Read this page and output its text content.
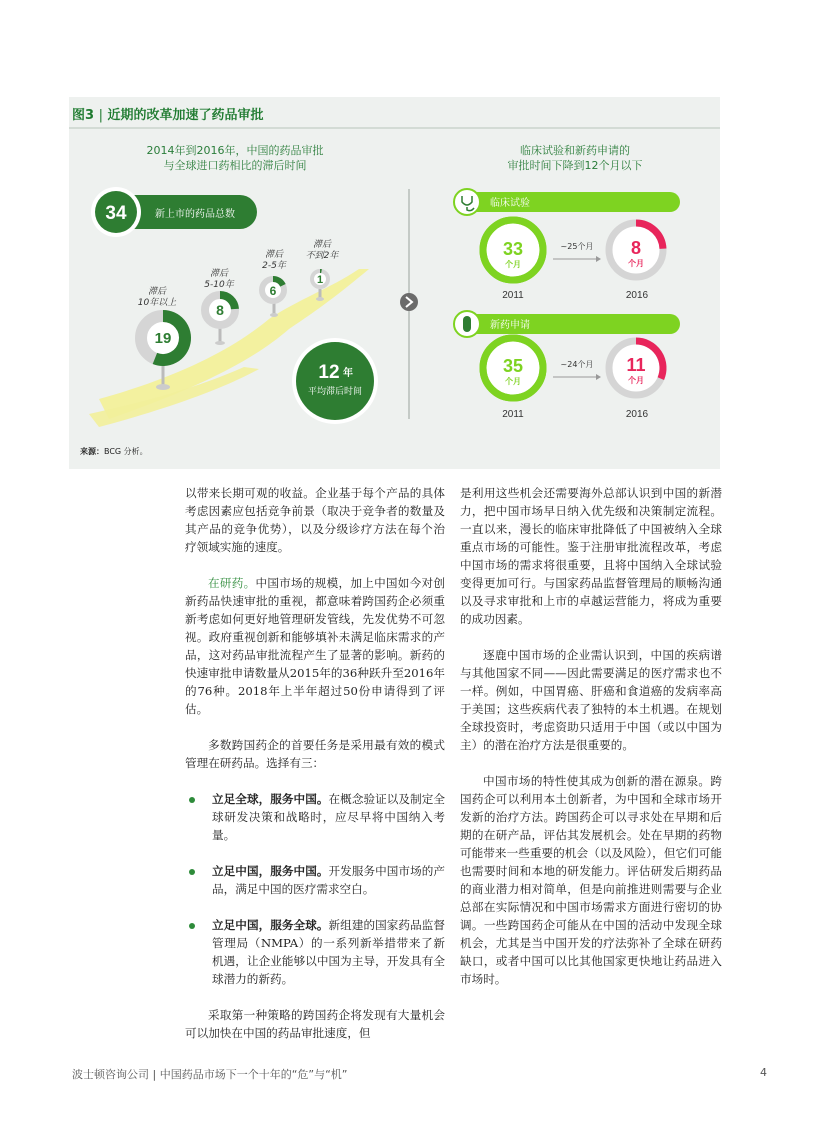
图3 | 近期的改革加速了药品审批
2014年到2016年，中国的药品审批
与全球进口药相比的滞后时间
临床试验和新药申请的
审批时间下降到12个月以下
34	新上市的药品总数
19
8
6
1
滞后
10年以上
滞后
5-10年
滞后
2-5年
滞后
不到2年
12 年
平均滞后时间
临床试验
33
个月
8
个月
~25个月
2011	2016
新药申请
35
个月
11
个月
~24个月
2011	2016
来源：BCG 分析。

以带来长期可观的收益。企业基于每个产品的具体考虑因素应包括竞争前景（取决于竞争者的数量及其产品的竞争优势），以及分级诊疗方法在每个治疗领域实施的速度。

在研药。中国市场的规模，加上中国如今对创新药品快速审批的重视，都意味着跨国药企必须重新考虑如何更好地管理研发管线，先发优势不可忽视。政府重视创新和能够填补未满足临床需求的产品，这对药品审批流程产生了显著的影响。新药的快速审批申请数量从2015年的36种跃升至2016年的76种。2018年上半年超过50份申请得到了评估。

多数跨国药企的首要任务是采用最有效的模式管理在研药品。选择有三：

立足全球，服务中国。在概念验证以及制定全球研发决策和战略时，应尽早将中国纳入考量。
立足中国，服务中国。开发服务中国市场的产品，满足中国的医疗需求空白。
立足中国，服务全球。新组建的国家药品监督管理局（NMPA）的一系列新举措带来了新机遇，让企业能够以中国为主导，开发具有全球潜力的新药。

采取第一种策略的跨国药企将发现有大量机会可以加快在中国的药品审批速度，但

是利用这些机会还需要海外总部认识到中国的新潜力，把中国市场早日纳入优先级和决策制定流程。一直以来，漫长的临床审批降低了中国被纳入全球重点市场的可能性。鉴于注册审批流程改革，考虑中国市场的需求将很重要，且将中国纳入全球试验变得更加可行。与国家药品监督管理局的顺畅沟通以及寻求审批和上市的卓越运营能力，将成为重要的成功因素。

逐鹿中国市场的企业需认识到，中国的疾病谱与其他国家不同——因此需要满足的医疗需求也不一样。例如，中国胃癌、肝癌和食道癌的发病率高于美国；这些疾病代表了独特的本土机遇。在规划全球投资时，考虑资助只适用于中国（或以中国为主）的潜在治疗方法是很重要的。

中国市场的特性使其成为创新的潜在源泉。跨国药企可以利用本土创新者，为中国和全球市场开发新的治疗方法。跨国药企可以寻求处在早期和后期的在研产品，评估其发展机会。处在早期的药物可能带来一些重要的机会（以及风险），但它们可能也需要时间和本地的研发能力。评估研发后期药品的商业潜力相对简单，但是向前推进则需要与企业总部在实际情况和中国市场需求方面进行密切的协调。一些跨国药企可能从在中国的活动中发现全球机会，尤其是当中国开发的疗法弥补了全球在研药缺口，或者中国可以比其他国家更快地让药品进入市场时。

波士顿咨询公司 | 中国药品市场下一个十年的“危”与“机”	4
